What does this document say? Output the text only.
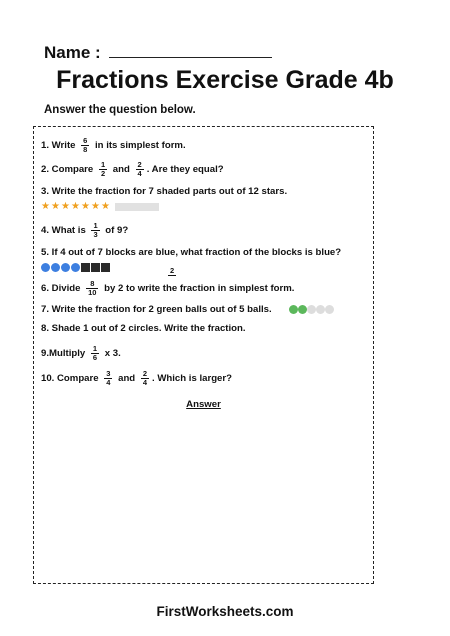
Name :
Fractions Exercise Grade 4b
Answer the question below.
1. Write $\frac{6}{8}$ in its simplest form.
2. Compare $\frac{1}{2}$ and $\frac{2}{4}$ . Are they equal?
3. Write the fraction for 7 shaded parts out of 12 stars.
★ ★ ★ ★ ★ ★ ★
4. What is $\frac{1}{3}$ of 9?
5. If 4 out of 7 blocks are blue, what fraction of the blocks is blue?
6. Divide $\frac{8}{10}$ by 2 to write the fraction in simplest form.
2
7. Write the fraction for 2 green balls out of 5 balls.
8. Shade 1 out of 2 circles. Write the fraction.
9.Multiply $\frac{1}{6}$ x 3.
10. Compare $\frac{3}{4}$ and $\frac{2}{4}$ . Which is larger?
Answer
FirstWorksheets.com
